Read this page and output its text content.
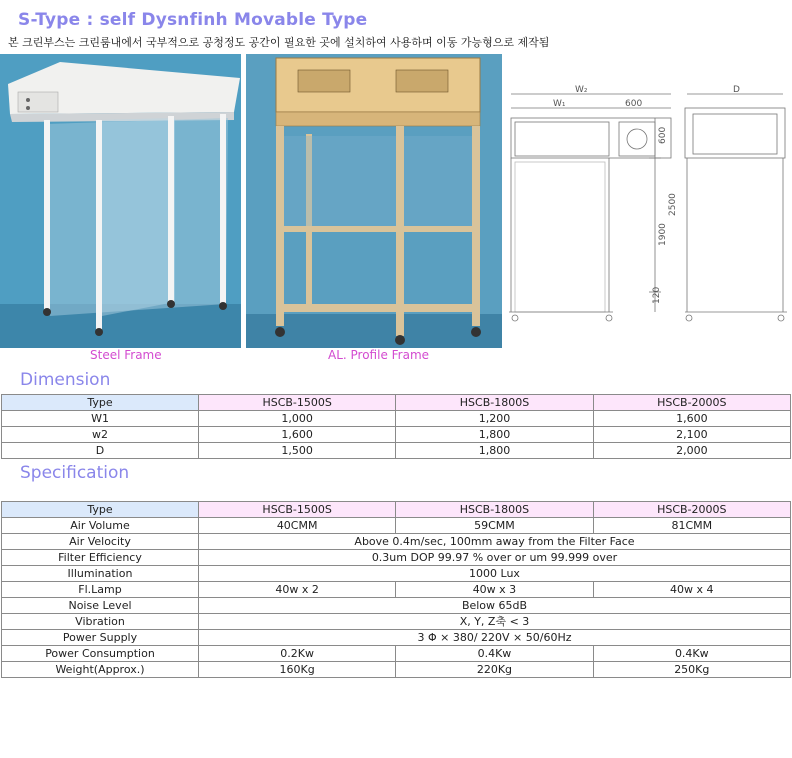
S-Type : self Dysnfinh Movable Type
본 크린부스는 크린룸내에서 국부적으로 공청정도 공간이 필요한 곳에 설치하여 사용하며 이동 가능형으로 제작됨
W₂
W₁	600
600
D
1900
2500
120
Steel Frame	AL. Profile Frame
Dimension
Type	HSCB-1500S	HSCB-1800S	HSCB-2000S
W1	1,000	1,200	1,600
w2	1,600	1,800	2,100
D	1,500	1,800	2,000
Specification
Type	HSCB-1500S	HSCB-1800S	HSCB-2000S
Air Volume	40CMM	59CMM	81CMM
Air Velocity	Above 0.4m/sec, 100mm away from the Filter Face		
Filter Efficiency	0.3um DOP 99.97 % over or um 99.999 over		
Illumination	1000 Lux		
Fl.Lamp	40w x 2	40w x 3	40w x 4
Noise Level	Below 65dB		
Vibration	X, Y, Z축 < 3		
Power Supply	3 Φ × 380/ 220V × 50/60Hz		
Power Consumption	0.2Kw	0.4Kw	0.4Kw
Weight(Approx.)	160Kg	220Kg	250Kg
